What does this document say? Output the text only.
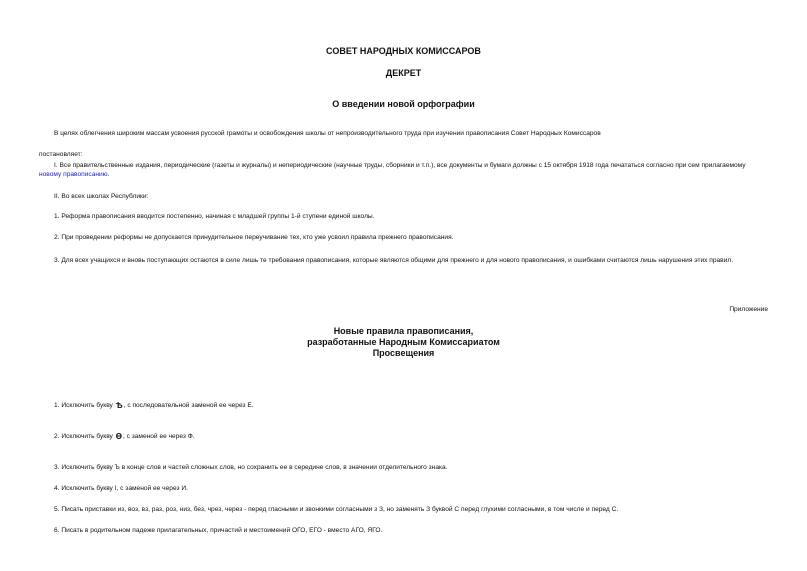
СОВЕТ НАРОДНЫХ КОМИССАРОВ

ДЕКРЕТ

О введении новой орфографии

В целях облегчения широким массам усвоения русской грамоты и освобождения школы от непроизводительного труда при изучении правописания Совет Народных Комиссаров

постановляет:

I. Все правительственные издания, периодические (газеты и журналы) и непериодические (научные труды, сборники и т.п.), все документы и бумаги должны с 15 октября 1918 года печататься согласно при сем прилагаемому новому правописанию.

II. Во всех школах Республики:

1. Реформа правописания вводится постепенно, начиная с младшей группы 1-й ступени единой школы.

2. При проведении реформы не допускается принудительное переучивание тех, кто уже усвоил правила прежнего правописания.

3. Для всех учащихся и вновь поступающих остаются в силе лишь те требования правописания, которые являются общими для прежнего и для нового правописания, и ошибками считаются лишь нарушения этих правил.

Приложение

Новые правила правописания,

разработанные Народным Комиссариатом

Просвещения

1. Исключить букву Ѣ, с последовательной заменой ее через Е.

2. Исключить букву Ѳ, с заменой ее через Ф.

3. Исключить букву Ъ в конце слов и частей сложных слов, но сохранить ее в середине слов, в значении отделительного знака.

4. Исключить букву I, с заменой ее через И.

5. Писать приставки из, воз, вз, раз, роз, низ, без, чрез, через - перед гласными и звонкими согласными з З, но заменять З буквой С перед глухими согласными, в том числе и перед С.

6. Писать в родительном падеже прилагательных, причастий и местоимений ОГО, ЕГО - вместо АГО, ЯГО.
